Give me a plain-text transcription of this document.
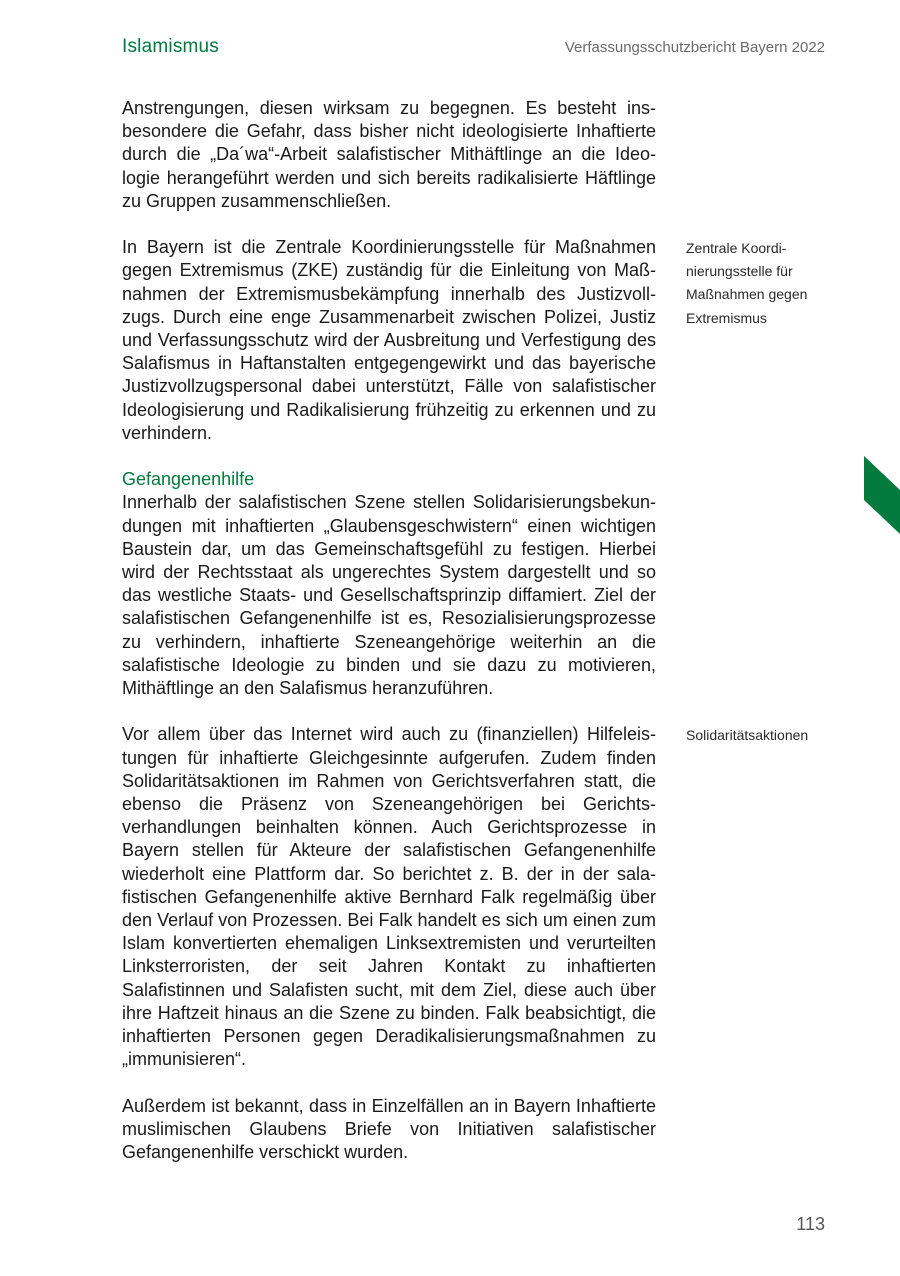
Islamismus	Verfassungsschutzbericht Bayern 2022

Anstrengungen, diesen wirksam zu begegnen. Es besteht insbesondere die Gefahr, dass bisher nicht ideologisierte Inhaftierte durch die „Da´wa“-Arbeit salafistischer Mithäftlinge an die Ideologie herangeführt werden und sich bereits radikalisierte Häftlinge zu Gruppen zusammenschließen.

In Bayern ist die Zentrale Koordinierungsstelle für Maßnahmen gegen Extremismus (ZKE) zuständig für die Einleitung von Maßnahmen der Extremismusbekämpfung innerhalb des Justizvollzugs. Durch eine enge Zusammenarbeit zwischen Polizei, Justiz und Verfassungsschutz wird der Ausbreitung und Verfestigung des Salafismus in Haftanstalten entgegengewirkt und das bayerische Justizvollzugspersonal dabei unterstützt, Fälle von salafistischer Ideologisierung und Radikalisierung frühzeitig zu erkennen und zu verhindern.

Gefangenenhilfe

Innerhalb der salafistischen Szene stellen Solidarisierungsbekundungen mit inhaftierten „Glaubensgeschwistern“ einen wichtigen Baustein dar, um das Gemeinschaftsgefühl zu festigen. Hierbei wird der Rechtsstaat als ungerechtes System dargestellt und so das westliche Staats- und Gesellschaftsprinzip diffamiert. Ziel der salafistischen Gefangenenhilfe ist es, Resozialisierungsprozesse zu verhindern, inhaftierte Szeneangehörige weiterhin an die salafistische Ideologie zu binden und sie dazu zu motivieren, Mithäftlinge an den Salafismus heranzuführen.

Vor allem über das Internet wird auch zu (finanziellen) Hilfeleistungen für inhaftierte Gleichgesinnte aufgerufen. Zudem finden Solidaritätsaktionen im Rahmen von Gerichtsverfahren statt, die ebenso die Präsenz von Szeneangehörigen bei Gerichtsverhandlungen beinhalten können. Auch Gerichtsprozesse in Bayern stellen für Akteure der salafistischen Gefangenenhilfe wiederholt eine Plattform dar. So berichtet z. B. der in der salafistischen Gefangenenhilfe aktive Bernhard Falk regelmäßig über den Verlauf von Prozessen. Bei Falk handelt es sich um einen zum Islam konvertierten ehemaligen Linksextremisten und verurteilten Linksterroristen, der seit Jahren Kontakt zu inhaftierten Salafistinnen und Salafisten sucht, mit dem Ziel, diese auch über ihre Haftzeit hinaus an die Szene zu binden. Falk beabsichtigt, die inhaftierten Personen gegen Deradikalisierungsmaßnahmen zu „immunisieren“.

Außerdem ist bekannt, dass in Einzelfällen an in Bayern Inhaftierte muslimischen Glaubens Briefe von Initiativen salafistischer Gefangenenhilfe verschickt wurden.

Zentrale Koordinierungsstelle für Maßnahmen gegen Extremismus
Solidaritätsaktionen
113
